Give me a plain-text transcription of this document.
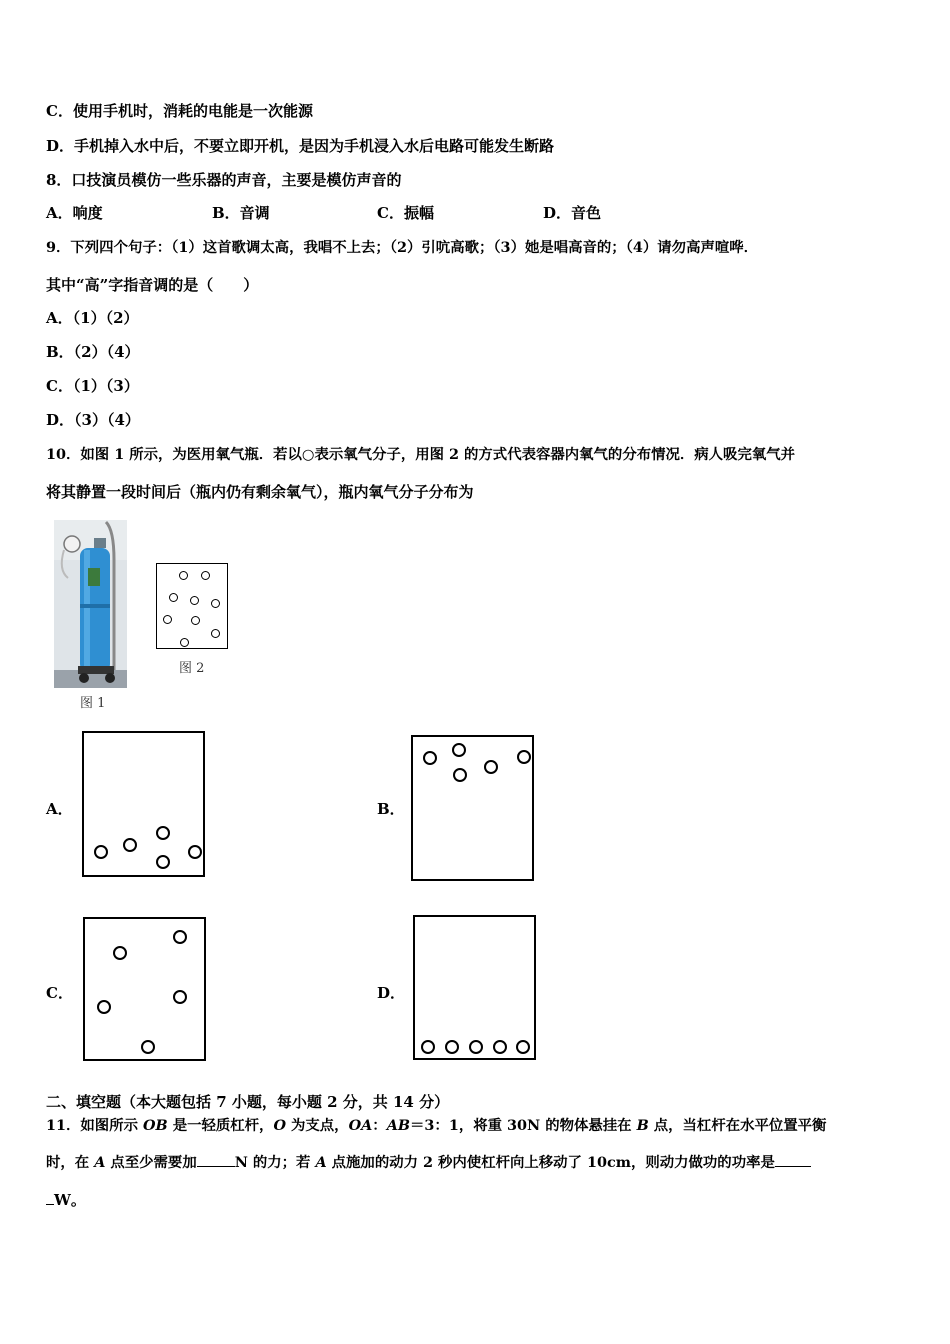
C．使用手机时，消耗的电能是一次能源
D．手机掉入水中后，不要立即开机，是因为手机浸入水后电路可能发生断路
8．口技演员模仿一些乐器的声音，主要是模仿声音的
A．响度	B．音调	C．振幅	D．音色
9．下列四个句子：（1）这首歌调太高，我唱不上去；（2）引吭高歌；（3）她是唱高音的；（4）请勿高声喧哗．
其中“高”字指音调的是（　　）
A．（1）（2）
B．（2）（4）
C．（1）（3）
D．（3）（4）
10．如图 1 所示，为医用氧气瓶．若以○表示氧气分子，用图 2 的方式代表容器内氧气的分布情况．病人吸完氧气并
将其静置一段时间后（瓶内仍有剩余氧气），瓶内氧气分子分布为
图 1
图 2
A．	B．
C．	D．
二、填空题（本大题包括 7 小题，每小题 2 分，共 14 分）
11．如图所示 OB 是一轻质杠杆，O 为支点，OA：AB＝3：1，将重 30N 的物体悬挂在 B 点，当杠杆在水平位置平衡
时，在 A 点至少需要加	N 的力；若 A 点施加的动力 2 秒内使杠杆向上移动了 10cm，则动力做功的功率是
W。
